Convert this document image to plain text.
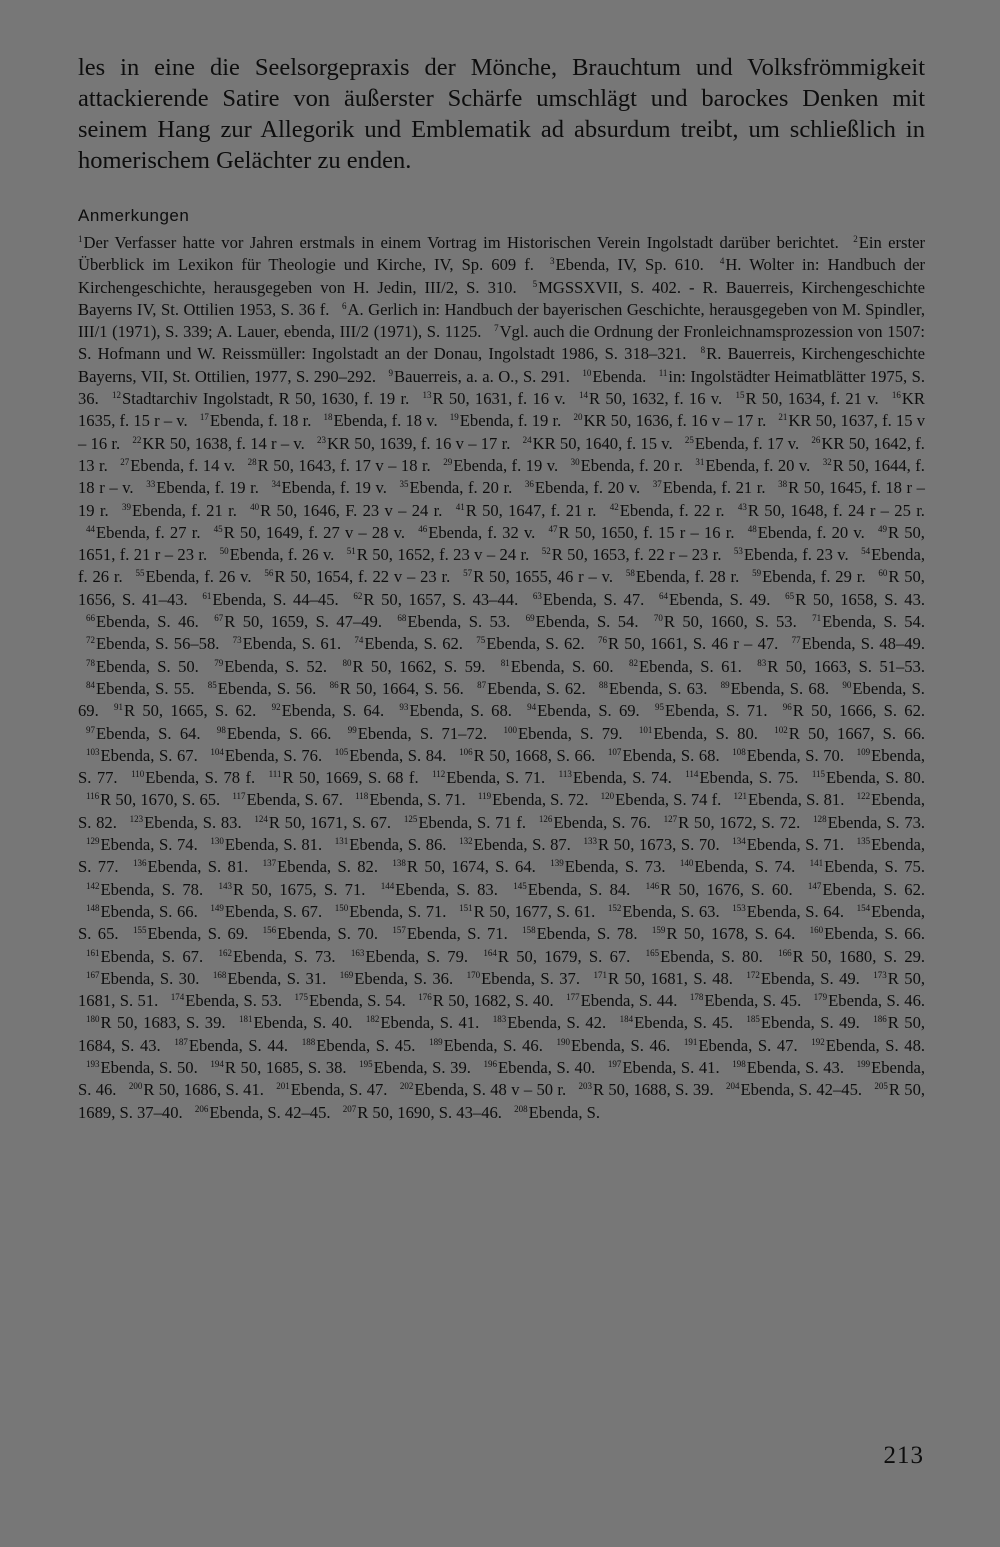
les in eine die Seelsorgepraxis der Mönche, Brauchtum und Volksfrömmigkeit attackierende Satire von äußerster Schärfe umschlägt und barockes Denken mit seinem Hang zur Allegorik und Emblematik ad absurdum treibt, um schließlich in homerischem Gelächter zu enden.

Anmerkungen

$^1$Der Verfasser hatte vor Jahren erstmals in einem Vortrag im Historischen Verein Ingolstadt darüber berichtet. $^2$Ein erster Überblick im Lexikon für Theologie und Kirche, IV, Sp. 609 f. $^3$Ebenda, IV, Sp. 610. $^4$H. Wolter in: Handbuch der Kirchengeschichte, herausgegeben von H. Jedin, III/2, S. 310. $^5$MGSSXVII, S. 402. - R. Bauerreis, Kirchengeschichte Bayerns IV, St. Ottilien 1953, S. 36 f. $^6$A. Gerlich in: Handbuch der bayerischen Geschichte, herausgegeben von M. Spindler, III/1 (1971), S. 339; A. Lauer, ebenda, III/2 (1971), S. 1125. $^7$Vgl. auch die Ordnung der Fronleichnamsprozession von 1507: S. Hofmann und W. Reissmüller: Ingolstadt an der Donau, Ingolstadt 1986, S. 318–321. $^8$R. Bauerreis, Kirchengeschichte Bayerns, VII, St. Ottilien, 1977, S. 290–292. $^9$Bauerreis, a. a. O., S. 291. $^{10}$Ebenda. $^{11}$in: Ingolstädter Heimatblätter 1975, S. 36. $^{12}$Stadtarchiv Ingolstadt, R 50, 1630, f. 19 r. $^{13}$R 50, 1631, f. 16 v. $^{14}$R 50, 1632, f. 16 v. $^{15}$R 50, 1634, f. 21 v. $^{16}$KR 1635, f. 15 r – v. $^{17}$Ebenda, f. 18 r. $^{18}$Ebenda, f. 18 v. $^{19}$Ebenda, f. 19 r. $^{20}$KR 50, 1636, f. 16 v – 17 r. $^{21}$KR 50, 1637, f. 15 v – 16 r. $^{22}$KR 50, 1638, f. 14 r – v. $^{23}$KR 50, 1639, f. 16 v – 17 r. $^{24}$KR 50, 1640, f. 15 v. $^{25}$Ebenda, f. 17 v. $^{26}$KR 50, 1642, f. 13 r. $^{27}$Ebenda, f. 14 v. $^{28}$R 50, 1643, f. 17 v – 18 r. $^{29}$Ebenda, f. 19 v. $^{30}$Ebenda, f. 20 r. $^{31}$Ebenda, f. 20 v. $^{32}$R 50, 1644, f. 18 r – v. $^{33}$Ebenda, f. 19 r. $^{34}$Ebenda, f. 19 v. $^{35}$Ebenda, f. 20 r. $^{36}$Ebenda, f. 20 v. $^{37}$Ebenda, f. 21 r. $^{38}$R 50, 1645, f. 18 r – 19 r. $^{39}$Ebenda, f. 21 r. $^{40}$R 50, 1646, F. 23 v – 24 r. $^{41}$R 50, 1647, f. 21 r. $^{42}$Ebenda, f. 22 r. $^{43}$R 50, 1648, f. 24 r – 25 r. $^{44}$Ebenda, f. 27 r. $^{45}$R 50, 1649, f. 27 v – 28 v. $^{46}$Ebenda, f. 32 v. $^{47}$R 50, 1650, f. 15 r – 16 r. $^{48}$Ebenda, f. 20 v. $^{49}$R 50, 1651, f. 21 r – 23 r. $^{50}$Ebenda, f. 26 v. $^{51}$R 50, 1652, f. 23 v – 24 r. $^{52}$R 50, 1653, f. 22 r – 23 r. $^{53}$Ebenda, f. 23 v. $^{54}$Ebenda, f. 26 r. $^{55}$Ebenda, f. 26 v. $^{56}$R 50, 1654, f. 22 v – 23 r. $^{57}$R 50, 1655, 46 r – v. $^{58}$Ebenda, f. 28 r. $^{59}$Ebenda, f. 29 r. $^{60}$R 50, 1656, S. 41–43. $^{61}$Ebenda, S. 44–45. $^{62}$R 50, 1657, S. 43–44. $^{63}$Ebenda, S. 47. $^{64}$Ebenda, S. 49. $^{65}$R 50, 1658, S. 43. $^{66}$Ebenda, S. 46. $^{67}$R 50, 1659, S. 47–49. $^{68}$Ebenda, S. 53. $^{69}$Ebenda, S. 54. $^{70}$R 50, 1660, S. 53. $^{71}$Ebenda, S. 54. $^{72}$Ebenda, S. 56–58. $^{73}$Ebenda, S. 61. $^{74}$Ebenda, S. 62. $^{75}$Ebenda, S. 62. $^{76}$R 50, 1661, S. 46 r – 47. $^{77}$Ebenda, S. 48–49. $^{78}$Ebenda, S. 50. $^{79}$Ebenda, S. 52. $^{80}$R 50, 1662, S. 59. $^{81}$Ebenda, S. 60. $^{82}$Ebenda, S. 61. $^{83}$R 50, 1663, S. 51–53. $^{84}$Ebenda, S. 55. $^{85}$Ebenda, S. 56. $^{86}$R 50, 1664, S. 56. $^{87}$Ebenda, S. 62. $^{88}$Ebenda, S. 63. $^{89}$Ebenda, S. 68. $^{90}$Ebenda, S. 69. $^{91}$R 50, 1665, S. 62. $^{92}$Ebenda, S. 64. $^{93}$Ebenda, S. 68. $^{94}$Ebenda, S. 69. $^{95}$Ebenda, S. 71. $^{96}$R 50, 1666, S. 62. $^{97}$Ebenda, S. 64. $^{98}$Ebenda, S. 66. $^{99}$Ebenda, S. 71–72. $^{100}$Ebenda, S. 79. $^{101}$Ebenda, S. 80. $^{102}$R 50, 1667, S. 66. $^{103}$Ebenda, S. 67. $^{104}$Ebenda, S. 76. $^{105}$Ebenda, S. 84. $^{106}$R 50, 1668, S. 66. $^{107}$Ebenda, S. 68. $^{108}$Ebenda, S. 70. $^{109}$Ebenda, S. 77. $^{110}$Ebenda, S. 78 f. $^{111}$R 50, 1669, S. 68 f. $^{112}$Ebenda, S. 71. $^{113}$Ebenda, S. 74. $^{114}$Ebenda, S. 75. $^{115}$Ebenda, S. 80. $^{116}$R 50, 1670, S. 65. $^{117}$Ebenda, S. 67. $^{118}$Ebenda, S. 71. $^{119}$Ebenda, S. 72. $^{120}$Ebenda, S. 74 f. $^{121}$Ebenda, S. 81. $^{122}$Ebenda, S. 82. $^{123}$Ebenda, S. 83. $^{124}$R 50, 1671, S. 67. $^{125}$Ebenda, S. 71 f. $^{126}$Ebenda, S. 76. $^{127}$R 50, 1672, S. 72. $^{128}$Ebenda, S. 73. $^{129}$Ebenda, S. 74. $^{130}$Ebenda, S. 81. $^{131}$Ebenda, S. 86. $^{132}$Ebenda, S. 87. $^{133}$R 50, 1673, S. 70. $^{134}$Ebenda, S. 71. $^{135}$Ebenda, S. 77. $^{136}$Ebenda, S. 81. $^{137}$Ebenda, S. 82. $^{138}$R 50, 1674, S. 64. $^{139}$Ebenda, S. 73. $^{140}$Ebenda, S. 74. $^{141}$Ebenda, S. 75. $^{142}$Ebenda, S. 78. $^{143}$R 50, 1675, S. 71. $^{144}$Ebenda, S. 83. $^{145}$Ebenda, S. 84. $^{146}$R 50, 1676, S. 60. $^{147}$Ebenda, S. 62. $^{148}$Ebenda, S. 66. $^{149}$Ebenda, S. 67. $^{150}$Ebenda, S. 71. $^{151}$R 50, 1677, S. 61. $^{152}$Ebenda, S. 63. $^{153}$Ebenda, S. 64. $^{154}$Ebenda, S. 65. $^{155}$Ebenda, S. 69. $^{156}$Ebenda, S. 70. $^{157}$Ebenda, S. 71. $^{158}$Ebenda, S. 78. $^{159}$R 50, 1678, S. 64. $^{160}$Ebenda, S. 66. $^{161}$Ebenda, S. 67. $^{162}$Ebenda, S. 73. $^{163}$Ebenda, S. 79. $^{164}$R 50, 1679, S. 67. $^{165}$Ebenda, S. 80. $^{166}$R 50, 1680, S. 29. $^{167}$Ebenda, S. 30. $^{168}$Ebenda, S. 31. $^{169}$Ebenda, S. 36. $^{170}$Ebenda, S. 37. $^{171}$R 50, 1681, S. 48. $^{172}$Ebenda, S. 49. $^{173}$R 50, 1681, S. 51. $^{174}$Ebenda, S. 53. $^{175}$Ebenda, S. 54. $^{176}$R 50, 1682, S. 40. $^{177}$Ebenda, S. 44. $^{178}$Ebenda, S. 45. $^{179}$Ebenda, S. 46. $^{180}$R 50, 1683, S. 39. $^{181}$Ebenda, S. 40. $^{182}$Ebenda, S. 41. $^{183}$Ebenda, S. 42. $^{184}$Ebenda, S. 45. $^{185}$Ebenda, S. 49. $^{186}$R 50, 1684, S. 43. $^{187}$Ebenda, S. 44. $^{188}$Ebenda, S. 45. $^{189}$Ebenda, S. 46. $^{190}$Ebenda, S. 46. $^{191}$Ebenda, S. 47. $^{192}$Ebenda, S. 48. $^{193}$Ebenda, S. 50. $^{194}$R 50, 1685, S. 38. $^{195}$Ebenda, S. 39. $^{196}$Ebenda, S. 40. $^{197}$Ebenda, S. 41. $^{198}$Ebenda, S. 43. $^{199}$Ebenda, S. 46. $^{200}$R 50, 1686, S. 41. $^{201}$Ebenda, S. 47. $^{202}$Ebenda, S. 48 v – 50 r. $^{203}$R 50, 1688, S. 39. $^{204}$Ebenda, S. 42–45. $^{205}$R 50, 1689, S. 37–40. $^{206}$Ebenda, S. 42–45. $^{207}$R 50, 1690, S. 43–46. $^{208}$Ebenda, S.

213
